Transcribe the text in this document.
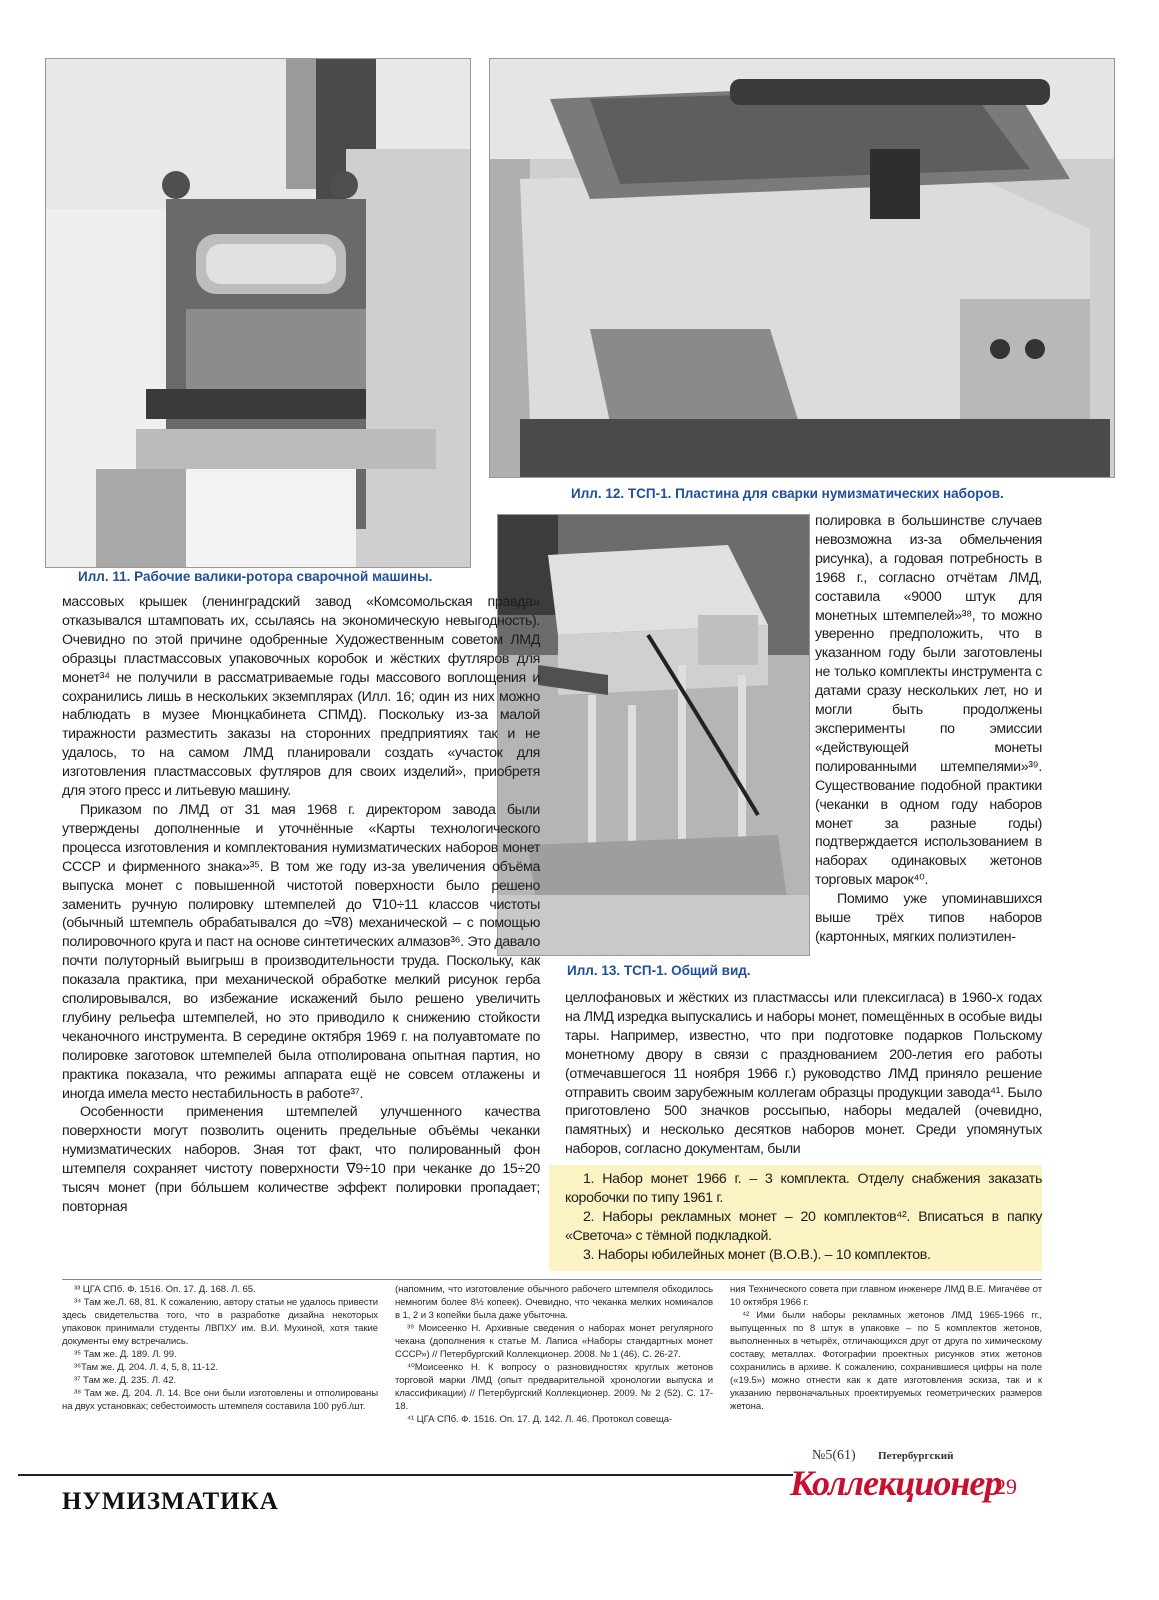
Илл. 11. Рабочие валики-ротора сварочной машины.
Илл. 12. ТСП-1. Пластина для сварки нумизматических наборов.
Илл. 13. ТСП-1. Общий вид.

массовых крышек (ленинградский завод «Комсомольская правда» отказывался штамповать их, ссылаясь на экономическую невыгодность). Очевидно по этой причине одобренные Художественным советом ЛМД образцы пластмассовых упаковочных коробок и жёстких футляров для монет³⁴ не получили в рассматриваемые годы массового воплощения и сохранились лишь в нескольких экземплярах (Илл. 16; один из них можно наблюдать в музее Мюнцкабинета СПМД). Поскольку из-за малой тиражности разместить заказы на сторонних предприятиях так и не удалось, то на самом ЛМД планировали создать «участок для изготовления пластмассовых футляров для своих изделий», приобретя для этого пресс и литьевую машину.

Приказом по ЛМД от 31 мая 1968 г. директором завода были утверждены дополненные и уточнённые «Карты технологического процесса изготовления и комплектования нумизматических наборов монет СССР и фирменного знака»³⁵. В том же году из-за увеличения объёма выпуска монет с повышенной чистотой поверхности было решено заменить ручную полировку штемпелей до ∇10÷11 классов чистоты (обычный штемпель обрабатывался до ≈∇8) механической – с помощью полировочного круга и паст на основе синтетических алмазов³⁶. Это давало почти полуторный выигрыш в производительности труда. Поскольку, как показала практика, при механической обработке мелкий рисунок герба сполировывался, во избежание искажений было решено увеличить глубину рельефа штемпелей, но это приводило к снижению стойкости чеканочного инструмента. В середине октября 1969 г. на полуавтомате по полировке заготовок штемпелей была отполирована опытная партия, но практика показала, что режимы аппарата ещё не совсем отлажены и иногда имела место нестабильность в работе³⁷.

Особенности применения штемпелей улучшенного качества поверхности могут позволить оценить предельные объёмы чеканки нумизматических наборов. Зная тот факт, что полированный фон штемпеля сохраняет чистоту поверхности ∇9÷10 при чеканке до 15÷20 тысяч монет (при бо́льшем количестве эффект полировки пропадает; повторная

полировка в большинстве случаев невозможна из-за обмельчения рисунка), а годовая потребность в 1968 г., согласно отчётам ЛМД, составила «9000 штук для монетных штемпелей»³⁸, то можно уверенно предположить, что в указанном году были заготовлены не только комплекты инструмента с датами сразу нескольких лет, но и могли быть продолжены эксперименты по эмиссии «действующей монеты полированными штемпелями»³⁹. Существование подобной практики (чеканки в одном году наборов монет за разные годы) подтверждается использованием в наборах одинаковых жетонов торговых марок⁴⁰.

Помимо уже упоминавшихся выше трёх типов наборов (картонных, мягких полиэтилен-

целлофановых и жёстких из пластмассы или плексигласа) в 1960-х годах на ЛМД изредка выпускались и наборы монет, помещённых в особые виды тары. Например, известно, что при подготовке подарков Польскому монетному двору в связи с празднованием 200-летия его работы (отмечавшегося 11 ноября 1966 г.) руководство ЛМД приняло решение отправить своим зарубежным коллегам образцы продукции завода⁴¹. Было приготовлено 500 значков россыпью, наборы медалей (очевидно, памятных) и несколько десятков наборов монет. Среди упомянутых наборов, согласно документам, были

1. Набор монет 1966 г. – 3 комплекта. Отделу снабжения заказать коробочки по типу 1961 г.

2. Наборы рекламных монет – 20 комплектов⁴². Вписаться в папку «Светоча» с тёмной подкладкой.

3. Наборы юбилейных монет (В.О.В.). – 10 комплектов.

³³ ЦГА СПб. Ф. 1516. Оп. 17. Д. 168. Л. 65.

³⁴ Там же.Л. 68, 81. К сожалению, автору статьи не удалось привести здесь свидетельства того, что в разработке дизайна некоторых упаковок принимали студенты ЛВПХУ им. В.И. Мухиной, хотя такие документы ему встречались.

³⁵ Там же. Д. 189. Л. 99.

³⁶Там же. Д. 204. Л. 4, 5, 8, 11-12.

³⁷ Там же. Д. 235. Л. 42.

³⁸ Там же. Д. 204. Л. 14. Все они были изготовлены и отполированы на двух установках; себестоимость штемпеля составила 100 руб./шт.

(напомним, что изготовление обычного рабочего штемпеля обходилось немногим более 8½ копеек). Очевидно, что чеканка мелких номиналов в 1, 2 и 3 копейки была даже убыточна.

³⁹ Моисеенко Н. Архивные сведения о наборах монет регулярного чекана (дополнения к статье М. Лаписа «Наборы стандартных монет СССР») // Петербургский Коллекционер. 2008. № 1 (46). С. 26-27.

⁴⁰Моисеенко Н. К вопросу о разновидностях круглых жетонов торговой марки ЛМД (опыт предварительной хронологии выпуска и классификации) // Петербургский Коллекционер. 2009. № 2 (52). С. 17-18.

⁴¹ ЦГА СПб. Ф. 1516. Оп. 17. Д. 142. Л. 46. Протокол совеща-

ния Технического совета при главном инженере ЛМД В.Е. Мигачёве от 10 октября 1966 г.

⁴² Ими были наборы рекламных жетонов ЛМД 1965-1966 гг., выпущенных по 8 штук в упаковке – по 5 комплектов жетонов, выполненных в четырёх, отличающихся друг от друга по химическому составу, металлах. Фотографии проектных рисунков этих жетонов сохранились в архиве. К сожалению, сохранившиеся цифры на поле («19.5») можно отнести как к дате изготовления эскиза, так и к указанию первоначальных проектируемых геометрических размеров жетона.

НУМИЗМАТИКА
№5(61) Петербургский
Коллекционер
29
